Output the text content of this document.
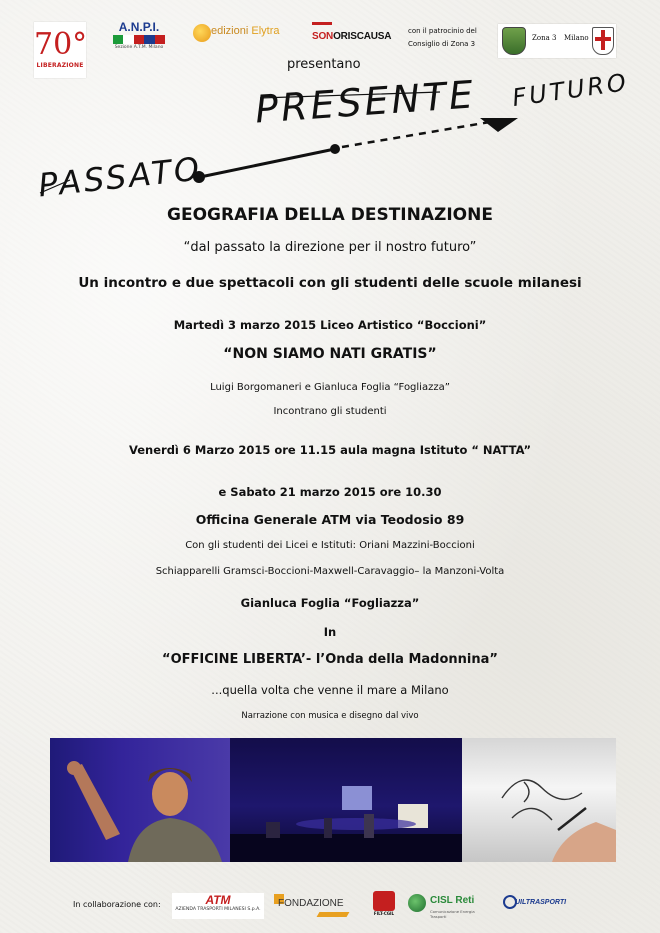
70°
LIBERAZIONE
A.N.P.I.
Sezione A.T.M. Milano
edizioni Elytra	SONORISCAUSA con il patrocinio del
Consiglio di Zona 3
Zona 3 Milano
presentano
PRESENTE FUTURO
PASSATO
GEOGRAFIA DELLA DESTINAZIONE
“dal passato la direzione per il nostro futuro”
Un incontro e due spettacoli con gli studenti delle scuole milanesi
Martedì 3 marzo 2015 Liceo Artistico “Boccioni”
“NON SIAMO NATI GRATIS”
Luigi Borgomaneri e Gianluca Foglia “Fogliazza”
Incontrano gli studenti
Venerdì 6 Marzo 2015 ore 11.15 aula magna Istituto “ NATTA”
e Sabato 21 marzo 2015 ore 10.30
Officina Generale ATM via Teodosio 89
Con gli studenti dei Licei e Istituti: Oriani Mazzini-Boccioni
Schiapparelli Gramsci-Boccioni-Maxwell-Caravaggio– la Manzoni-Volta
Gianluca Foglia “Fogliazza”
In
“OFFICINE LIBERTA’- l’Onda della Madonnina”
...quella volta che venne il mare a Milano
Narrazione con musica e disegno dal vivo
In collaborazione con:	ATM
AZIENDA TRASPORTI MILANESI S.p.A.
FONDAZIONE
FILT-CGIL
CISL Reti
Comunicazione Energia Trasporti
UILTRASPORTI
